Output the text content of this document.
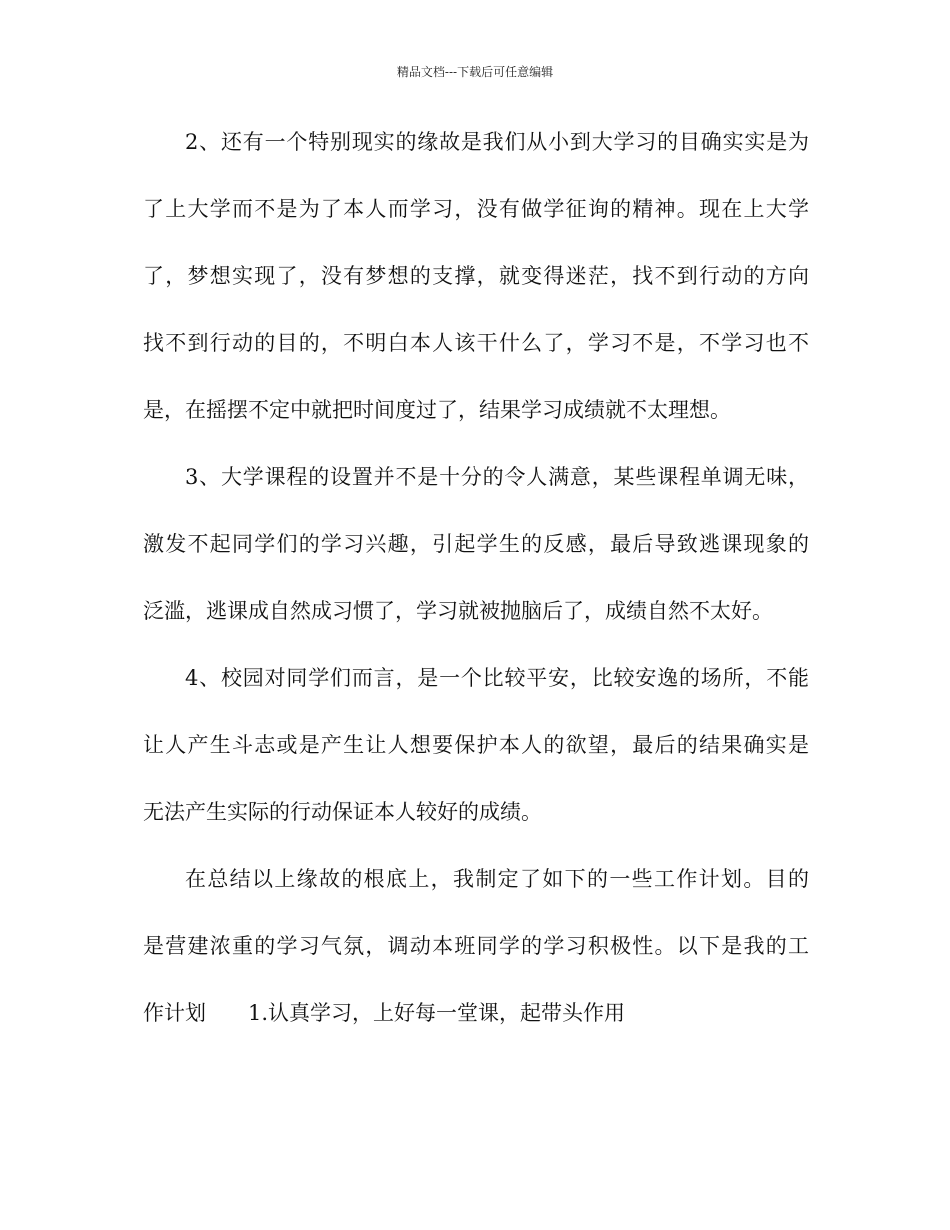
精品文档---下载后可任意编辑
2、还有一个特别现实的缘故是我们从小到大学习的目确实实是为
了上大学而不是为了本人而学习，没有做学征询的精神。现在上大学
了，梦想实现了，没有梦想的支撑，就变得迷茫，找不到行动的方向
找不到行动的目的，不明白本人该干什么了，学习不是，不学习也不
是，在摇摆不定中就把时间度过了，结果学习成绩就不太理想。
3、大学课程的设置并不是十分的令人满意，某些课程单调无味，
激发不起同学们的学习兴趣，引起学生的反感，最后导致逃课现象的
泛滥，逃课成自然成习惯了，学习就被抛脑后了，成绩自然不太好。
4、校园对同学们而言，是一个比较平安，比较安逸的场所，不能
让人产生斗志或是产生让人想要保护本人的欲望，最后的结果确实是
无法产生实际的行动保证本人较好的成绩。
在总结以上缘故的根底上，我制定了如下的一些工作计划。目的
是营建浓重的学习气氛，调动本班同学的学习积极性。以下是我的工
作计划 1.认真学习，上好每一堂课，起带头作用
